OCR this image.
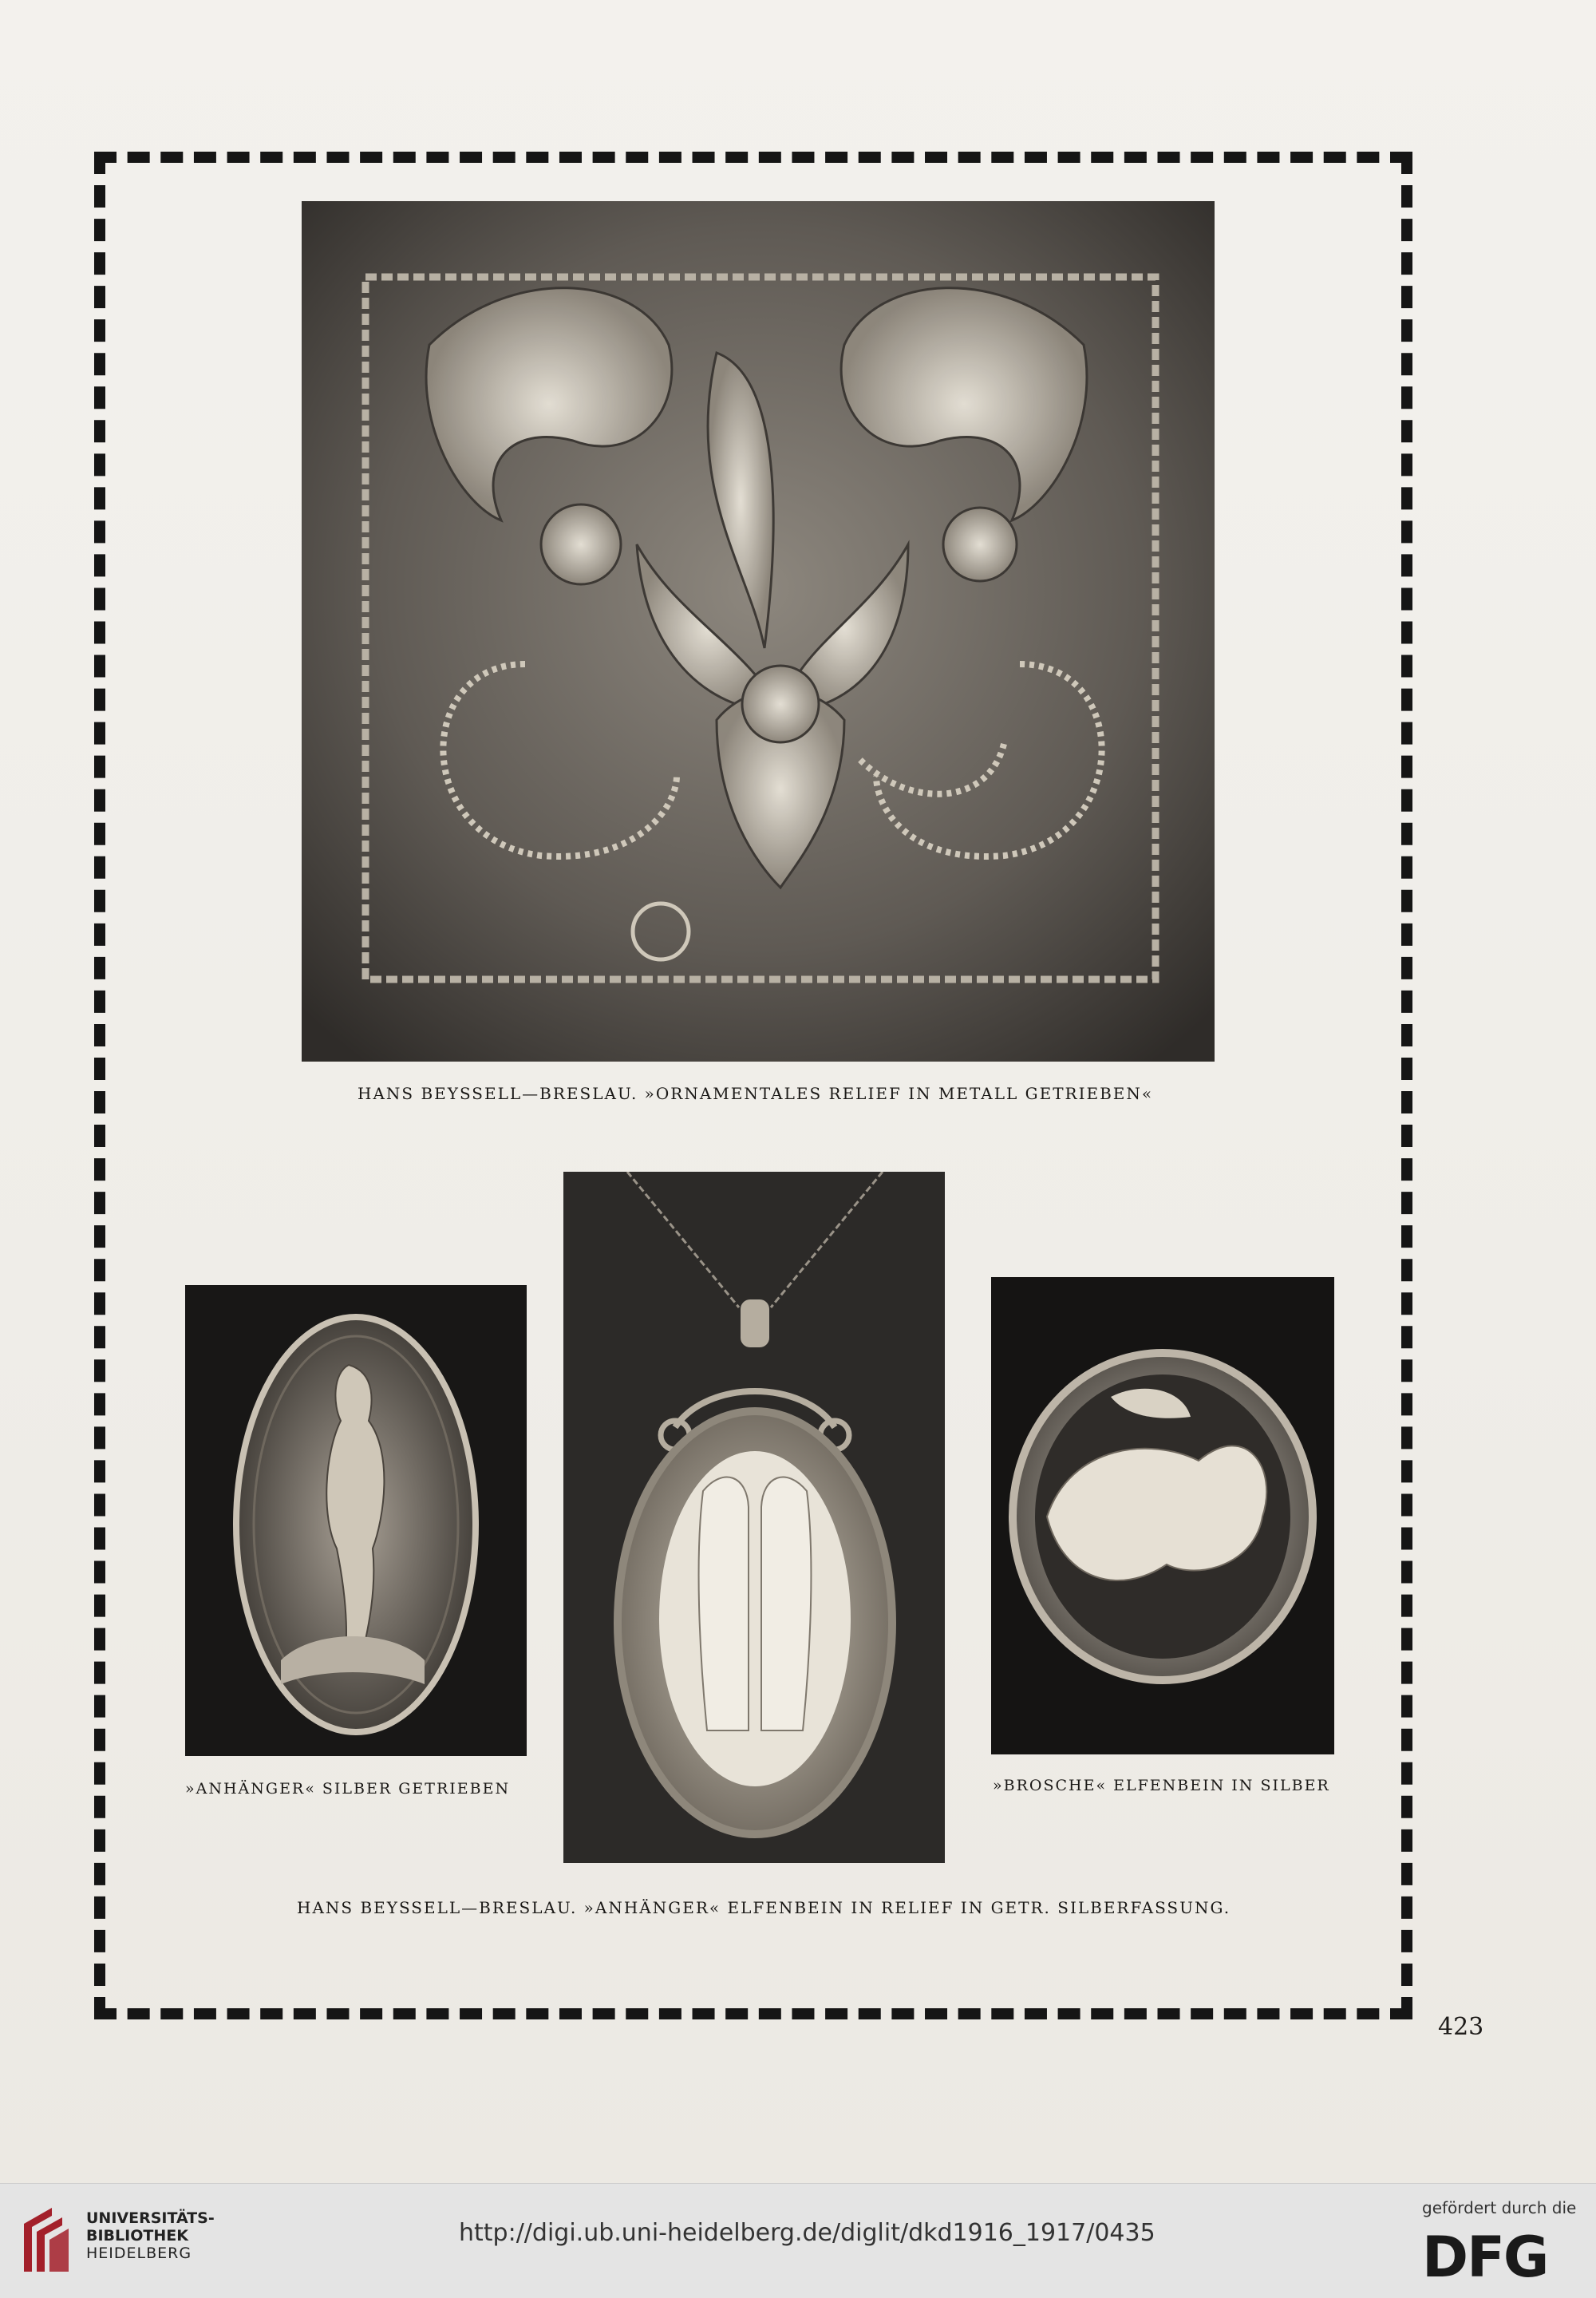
HANS BEYSSELL—BRESLAU. »ORNAMENTALES RELIEF IN METALL GETRIEBEN«
»ANHÄNGER« SILBER GETRIEBEN	»BROSCHE« ELFENBEIN IN SILBER
HANS BEYSSELL—BRESLAU. »ANHÄNGER« ELFENBEIN IN RELIEF IN GETR. SILBERFASSUNG.
423
UNIVERSITÄTS-
BIBLIOTHEK
HEIDELBERG
http://digi.ub.uni-heidelberg.de/diglit/dkd1916_1917/0435
gefördert durch die
DFG
